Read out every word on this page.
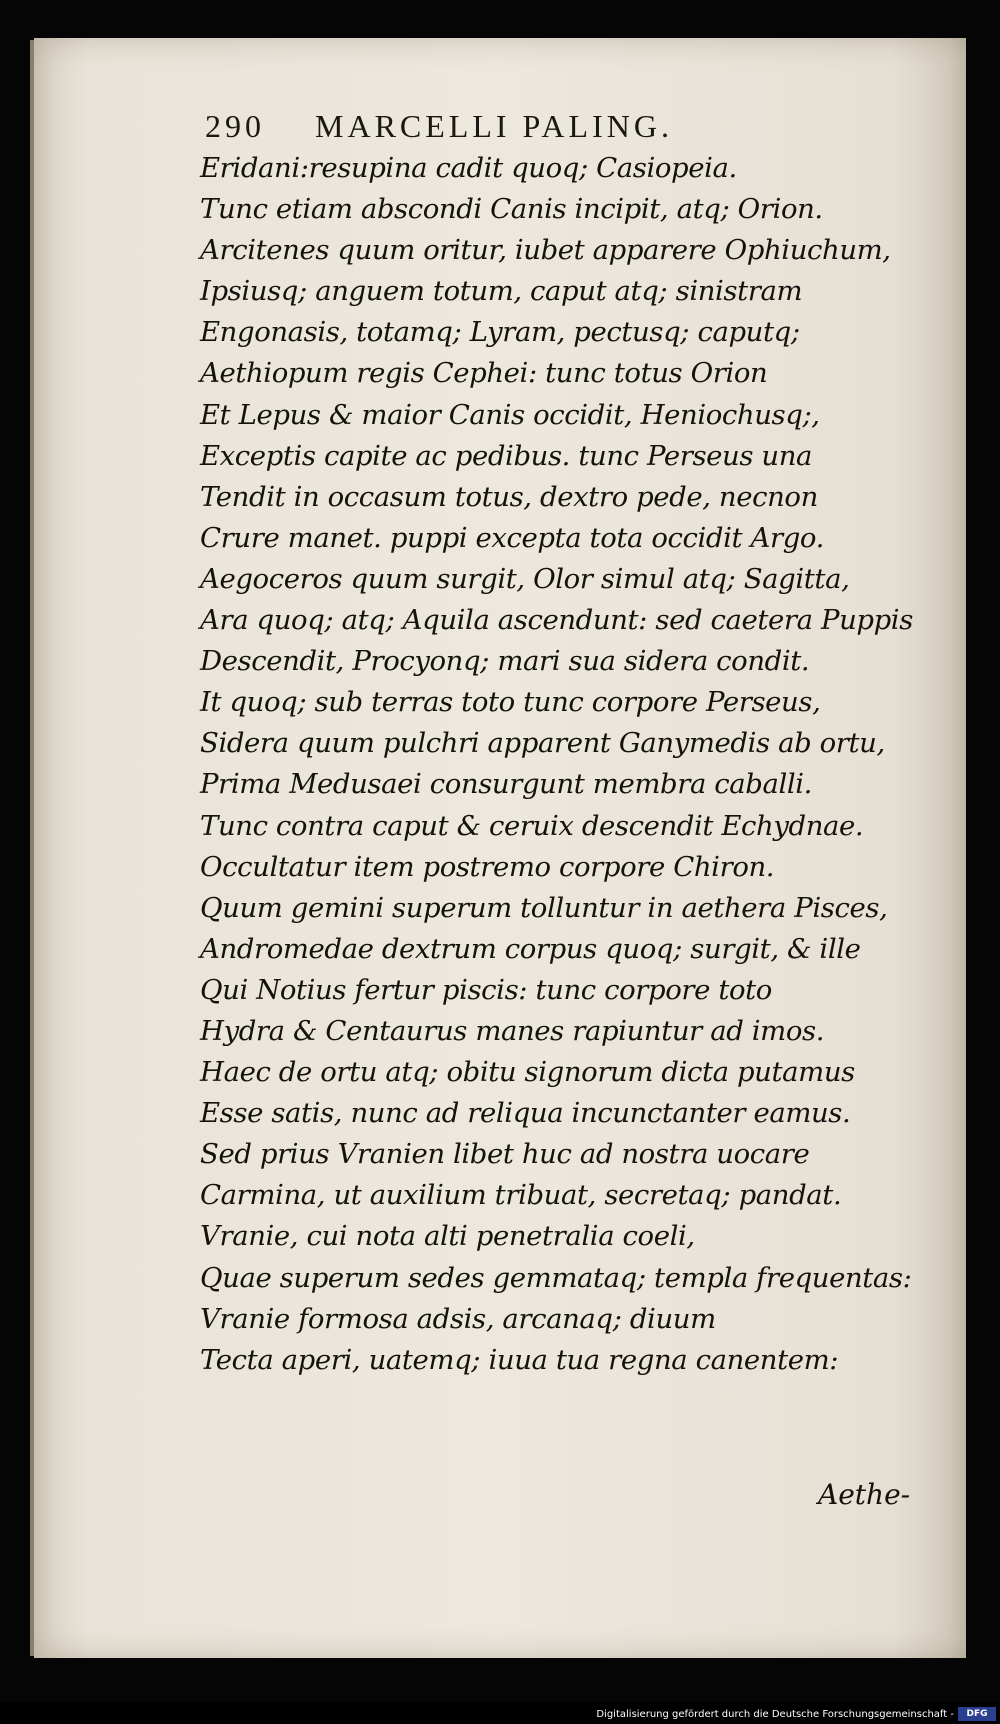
290 MARCELLI PALING.
Eridani:resupina cadit quoq; Casiopeia.
Tunc etiam abscondi Canis incipit, atq; Orion.
Arcitenes quum oritur, iubet apparere Ophiuchum,
Ipsiusq; anguem totum, caput atq; sinistram
Engonasis, totamq; Lyram, pectusq; caputq;
Aethiopum regis Cephei: tunc totus Orion
Et Lepus & maior Canis occidit, Heniochusq;,
Exceptis capite ac pedibus. tunc Perseus una
Tendit in occasum totus, dextro pede, necnon
Crure manet. puppi excepta tota occidit Argo.
Aegoceros quum surgit, Olor simul atq; Sagitta,
Ara quoq; atq; Aquila ascendunt: sed caetera Puppis
Descendit, Procyonq; mari sua sidera condit.
It quoq; sub terras toto tunc corpore Perseus,
Sidera quum pulchri apparent Ganymedis ab ortu,
Prima Medusaei consurgunt membra caballi.
Tunc contra caput & ceruix descendit Echydnae.
Occultatur item postremo corpore Chiron.
Quum gemini superum tolluntur in aethera Pisces,
Andromedae dextrum corpus quoq; surgit, & ille
Qui Notius fertur piscis: tunc corpore toto
Hydra & Centaurus manes rapiuntur ad imos.
Haec de ortu atq; obitu signorum dicta putamus
Esse satis, nunc ad reliqua incunctanter eamus.
Sed prius Vranien libet huc ad nostra uocare
Carmina, ut auxilium tribuat, secretaq; pandat.
Vranie, cui nota alti penetralia coeli,
Quae superum sedes gemmataq; templa frequentas:
Vranie formosa adsis, arcanaq; diuum
Tecta aperi, uatemq; iuua tua regna canentem:
Aethe-
Digitalisierung gefördert durch die Deutsche Forschungsgemeinschaft -	DFG
